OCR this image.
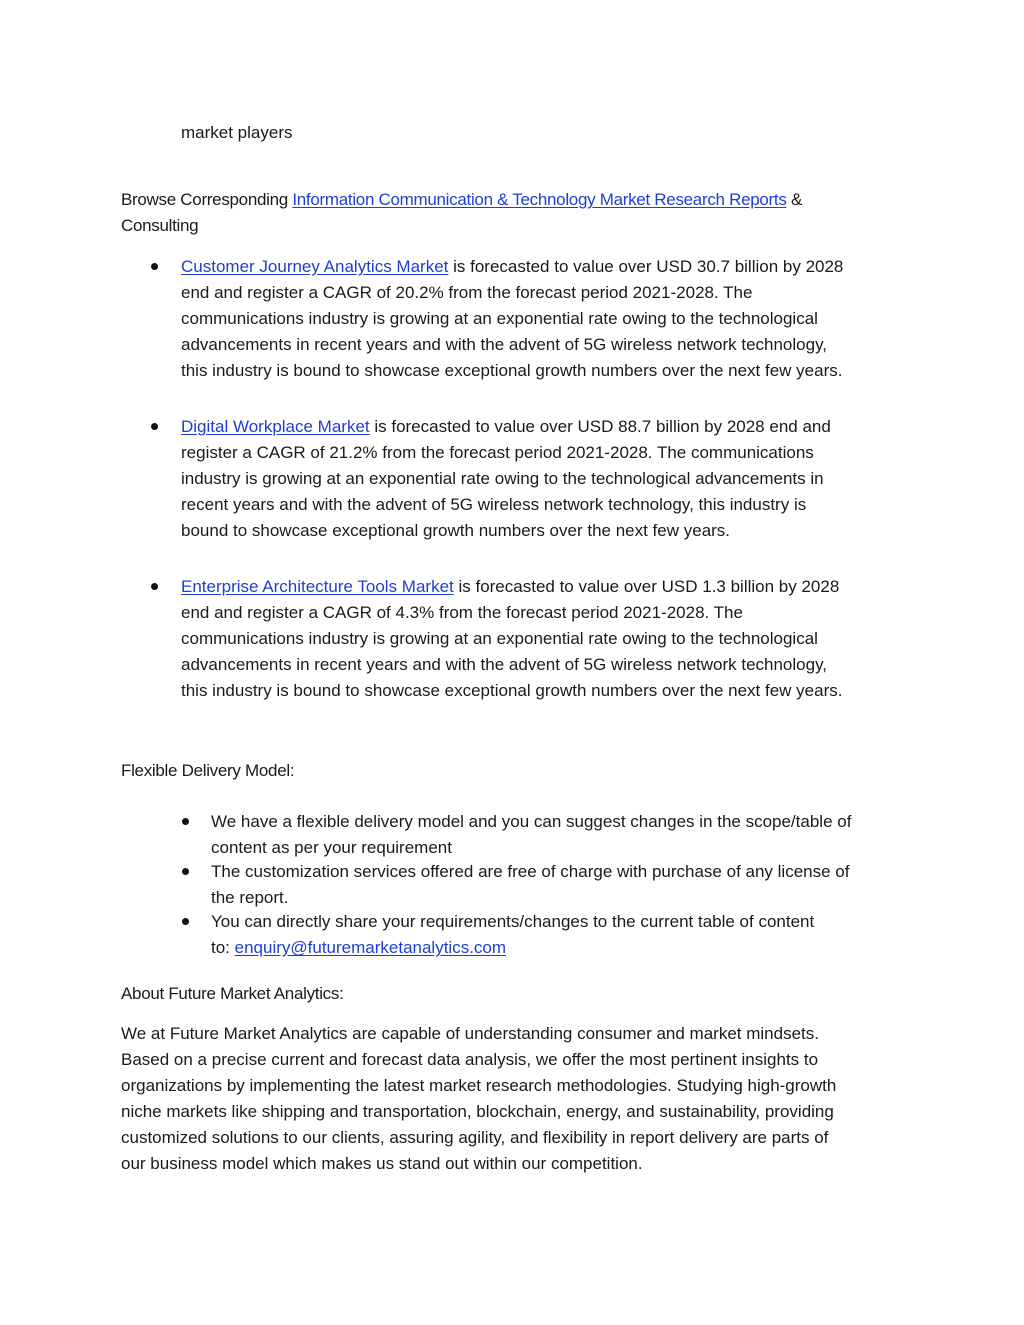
market players
Browse Corresponding Information Communication & Technology Market Research Reports &
Consulting
Customer Journey Analytics Market is forecasted to value over USD 30.7 billion by 2028
end and register a CAGR of 20.2% from the forecast period 2021-2028. The
communications industry is growing at an exponential rate owing to the technological
advancements in recent years and with the advent of 5G wireless network technology,
this industry is bound to showcase exceptional growth numbers over the next few years.
Digital Workplace Market is forecasted to value over USD 88.7 billion by 2028 end and
register a CAGR of 21.2% from the forecast period 2021-2028. The communications
industry is growing at an exponential rate owing to the technological advancements in
recent years and with the advent of 5G wireless network technology, this industry is
bound to showcase exceptional growth numbers over the next few years.
Enterprise Architecture Tools Market is forecasted to value over USD 1.3 billion by 2028
end and register a CAGR of 4.3% from the forecast period 2021-2028. The
communications industry is growing at an exponential rate owing to the technological
advancements in recent years and with the advent of 5G wireless network technology,
this industry is bound to showcase exceptional growth numbers over the next few years.
Flexible Delivery Model:
We have a flexible delivery model and you can suggest changes in the scope/table of
content as per your requirement
The customization services offered are free of charge with purchase of any license of
the report.
You can directly share your requirements/changes to the current table of content
to: enquiry@futuremarketanalytics.com
About Future Market Analytics:
We at Future Market Analytics are capable of understanding consumer and market mindsets.
Based on a precise current and forecast data analysis, we offer the most pertinent insights to
organizations by implementing the latest market research methodologies. Studying high-growth
niche markets like shipping and transportation, blockchain, energy, and sustainability, providing
customized solutions to our clients, assuring agility, and flexibility in report delivery are parts of
our business model which makes us stand out within our competition.
